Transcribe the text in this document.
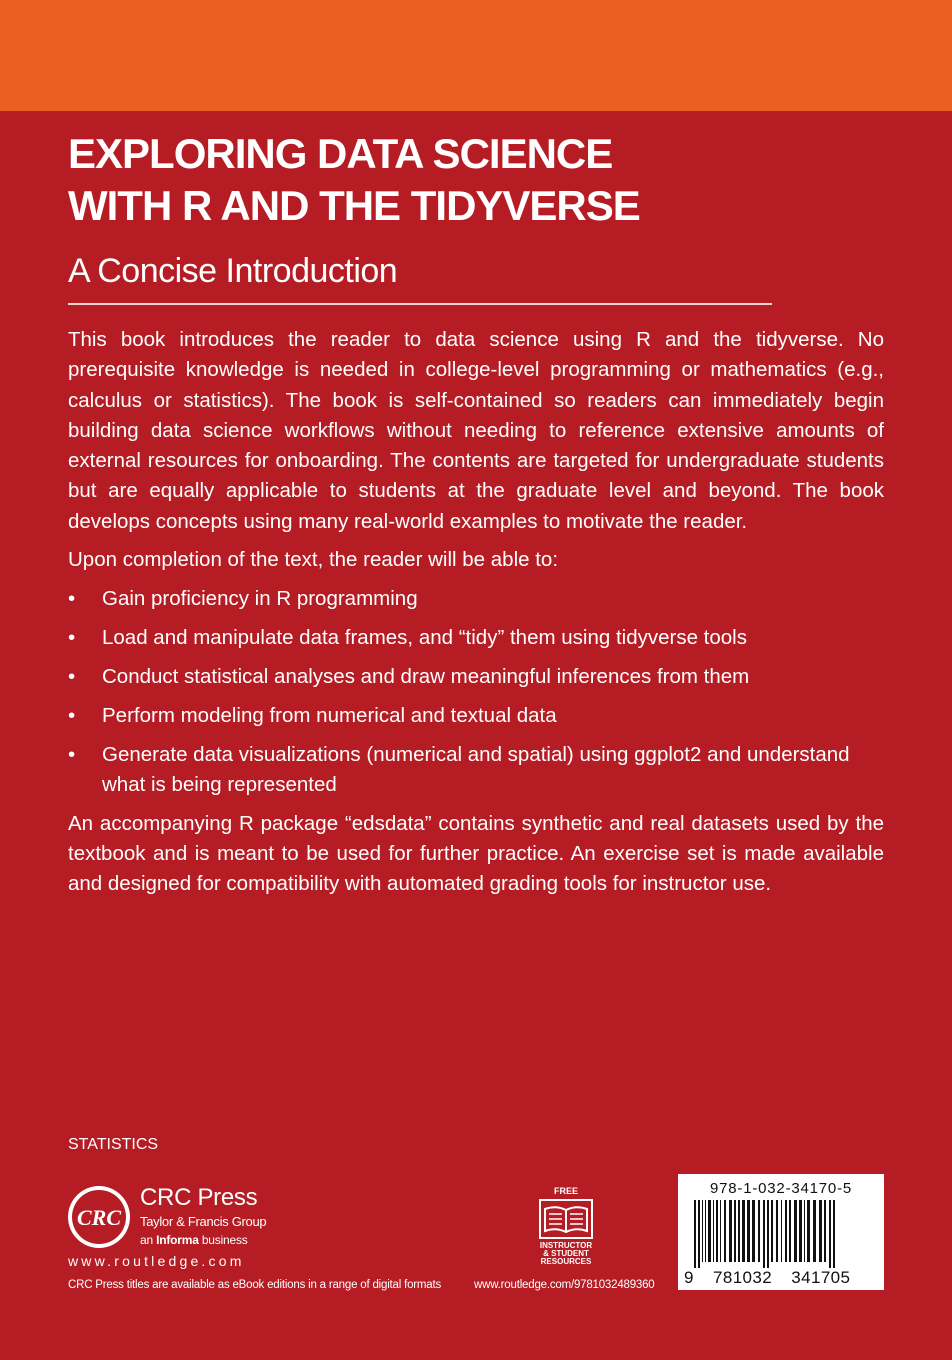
EXPLORING DATA SCIENCE
WITH R AND THE TIDYVERSE
A Concise Introduction

This book introduces the reader to data science using R and the tidyverse. No prerequisite knowledge is needed in college-level programming or mathematics (e.g., calculus or statistics). The book is self-contained so readers can immediately begin building data science workflows without needing to reference extensive amounts of external resources for onboarding. The contents are targeted for undergraduate students but are equally applicable to students at the graduate level and beyond. The book develops concepts using many real-world examples to motivate the reader.

Upon completion of the text, the reader will be able to:

• Gain proficiency in R programming
• Load and manipulate data frames, and “tidy” them using tidyverse tools
• Conduct statistical analyses and draw meaningful inferences from them
• Perform modeling from numerical and textual data
• Generate data visualizations (numerical and spatial) using ggplot2 and understand what is being represented

An accompanying R package “edsdata” contains synthetic and real datasets used by the textbook and is meant to be used for further practice. An exercise set is made available and designed for compatibility with automated grading tools for instructor use.

STATISTICS
CRC
CRC Press
Taylor & Francis Group
an Informa business
www.routledge.com
CRC Press titles are available as eBook editions in a range of digital formats
FREE
INSTRUCTOR
& STUDENT
RESOURCES
www.routledge.com/9781032489360
978-1-032-34170-5
9 781032 341705
